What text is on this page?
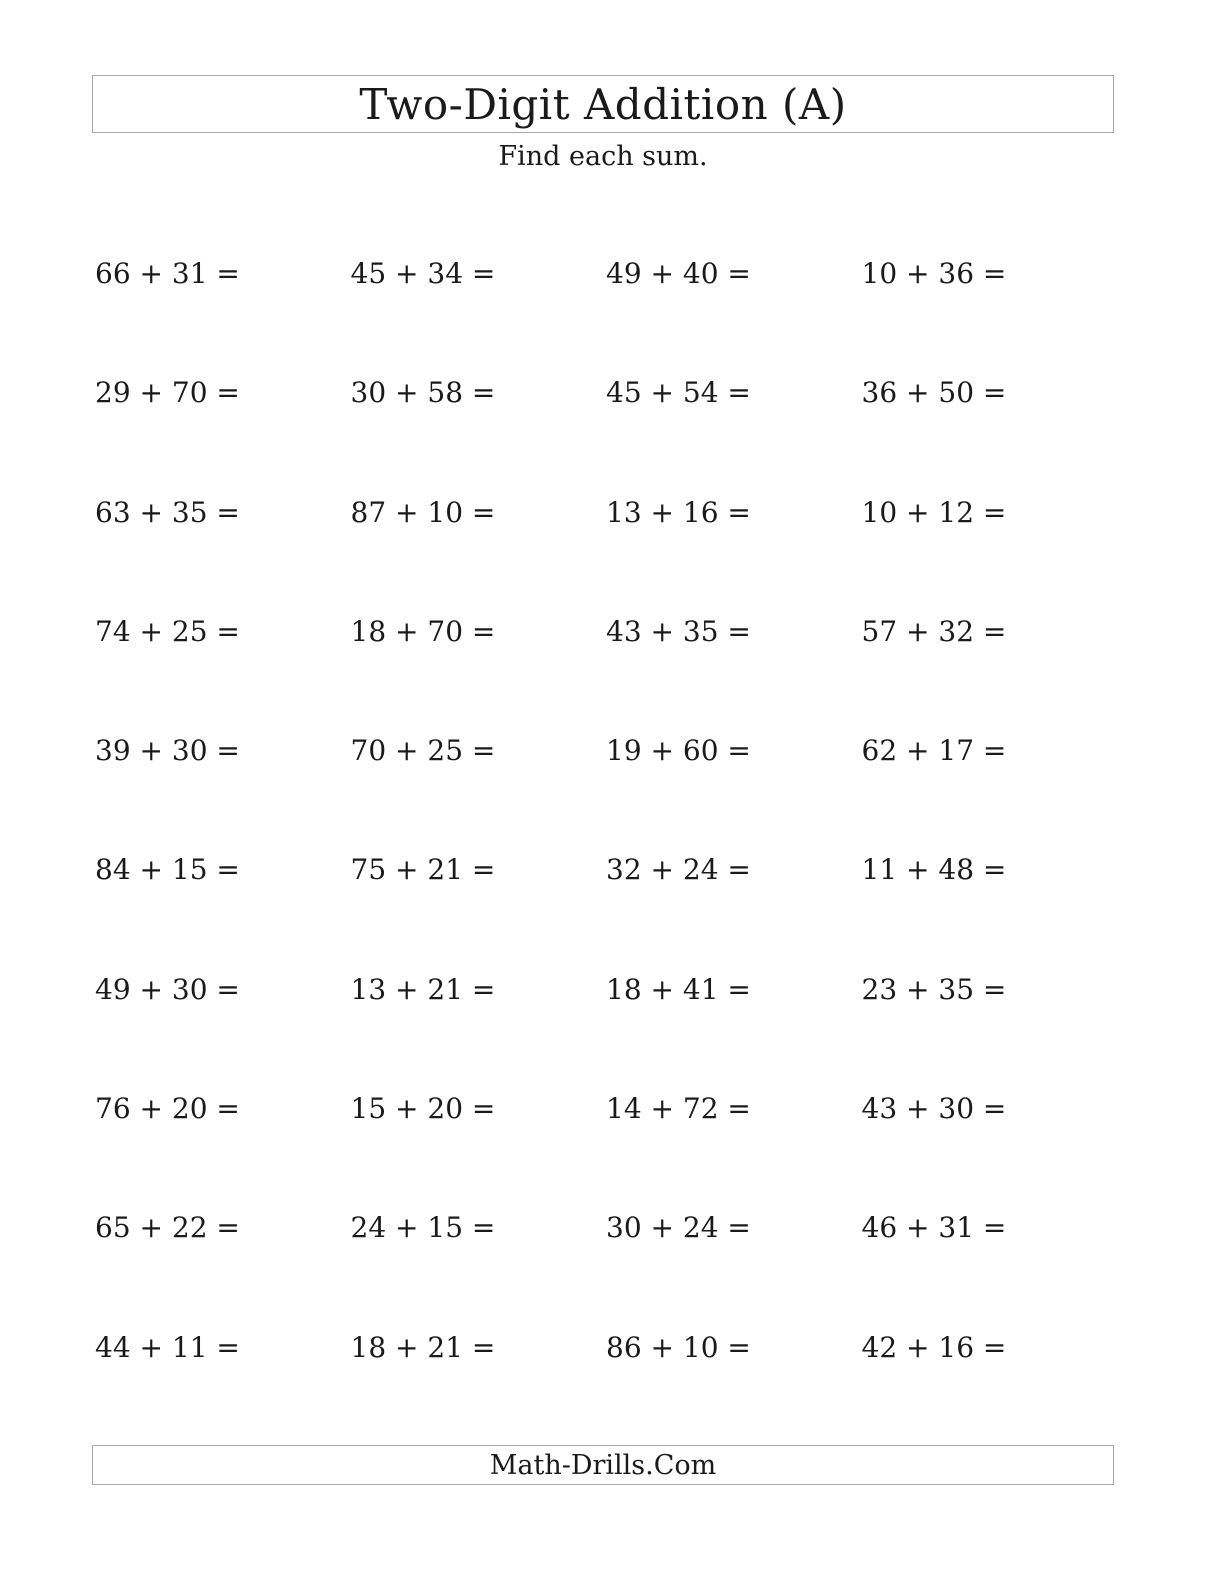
Two-Digit Addition (A)
Find each sum.
66 + 31 =	45 + 34 =	49 + 40 =	10 + 36 =
29 + 70 =	30 + 58 =	45 + 54 =	36 + 50 =
63 + 35 =	87 + 10 =	13 + 16 =	10 + 12 =
74 + 25 =	18 + 70 =	43 + 35 =	57 + 32 =
39 + 30 =	70 + 25 =	19 + 60 =	62 + 17 =
84 + 15 =	75 + 21 =	32 + 24 =	11 + 48 =
49 + 30 =	13 + 21 =	18 + 41 =	23 + 35 =
76 + 20 =	15 + 20 =	14 + 72 =	43 + 30 =
65 + 22 =	24 + 15 =	30 + 24 =	46 + 31 =
44 + 11 =	18 + 21 =	86 + 10 =	42 + 16 =
Math-Drills.Com
